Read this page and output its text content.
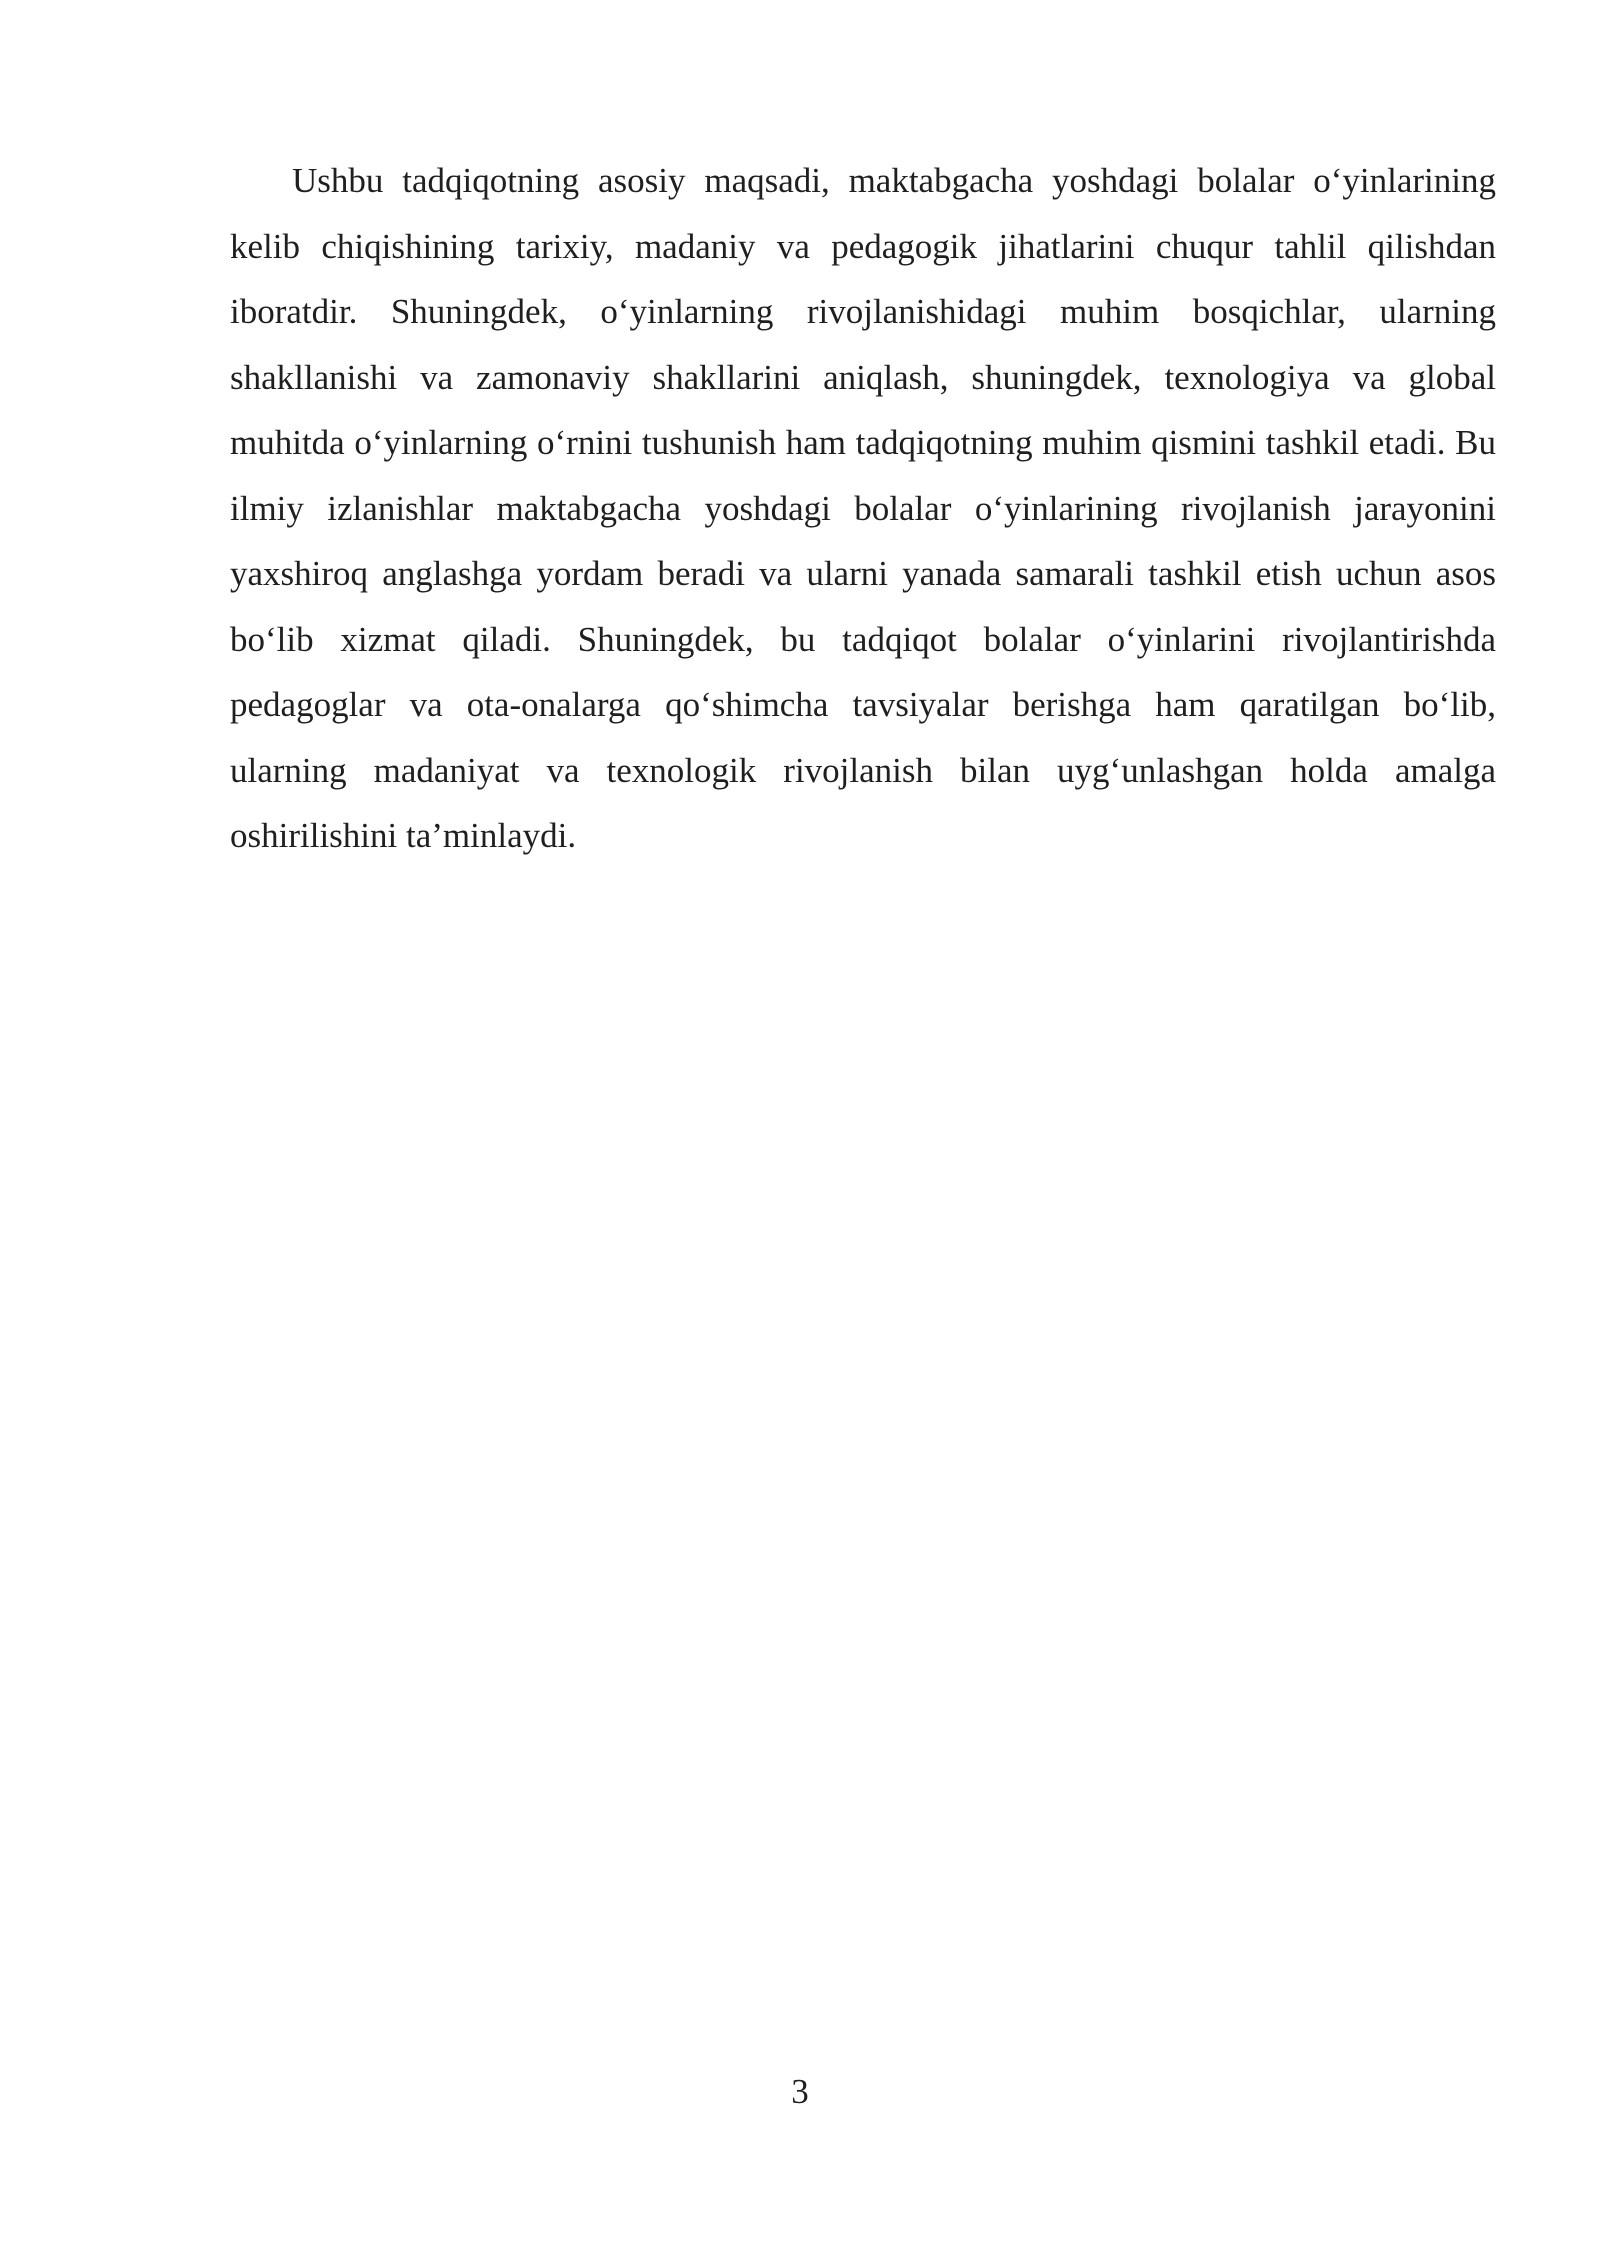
Ushbu tadqiqotning asosiy maqsadi, maktabgacha yoshdagi bolalar o‘yinlarining kelib chiqishining tarixiy, madaniy va pedagogik jihatlarini chuqur tahlil qilishdan iboratdir. Shuningdek, o‘yinlarning rivojlanishidagi muhim bosqichlar, ularning shakllanishi va zamonaviy shakllarini aniqlash, shuningdek, texnologiya va global muhitda o‘yinlarning o‘rnini tushunish ham tadqiqotning muhim qismini tashkil etadi. Bu ilmiy izlanishlar maktabgacha yoshdagi bolalar o‘yinlarining rivojlanish jarayonini yaxshiroq anglashga yordam beradi va ularni yanada samarali tashkil etish uchun asos bo‘lib xizmat qiladi. Shuningdek, bu tadqiqot bolalar o‘yinlarini rivojlantirishda pedagoglar va ota-onalarga qo‘shimcha tavsiyalar berishga ham qaratilgan bo‘lib, ularning madaniyat va texnologik rivojlanish bilan uyg‘unlashgan holda amalga oshirilishini ta’minlaydi.

3
